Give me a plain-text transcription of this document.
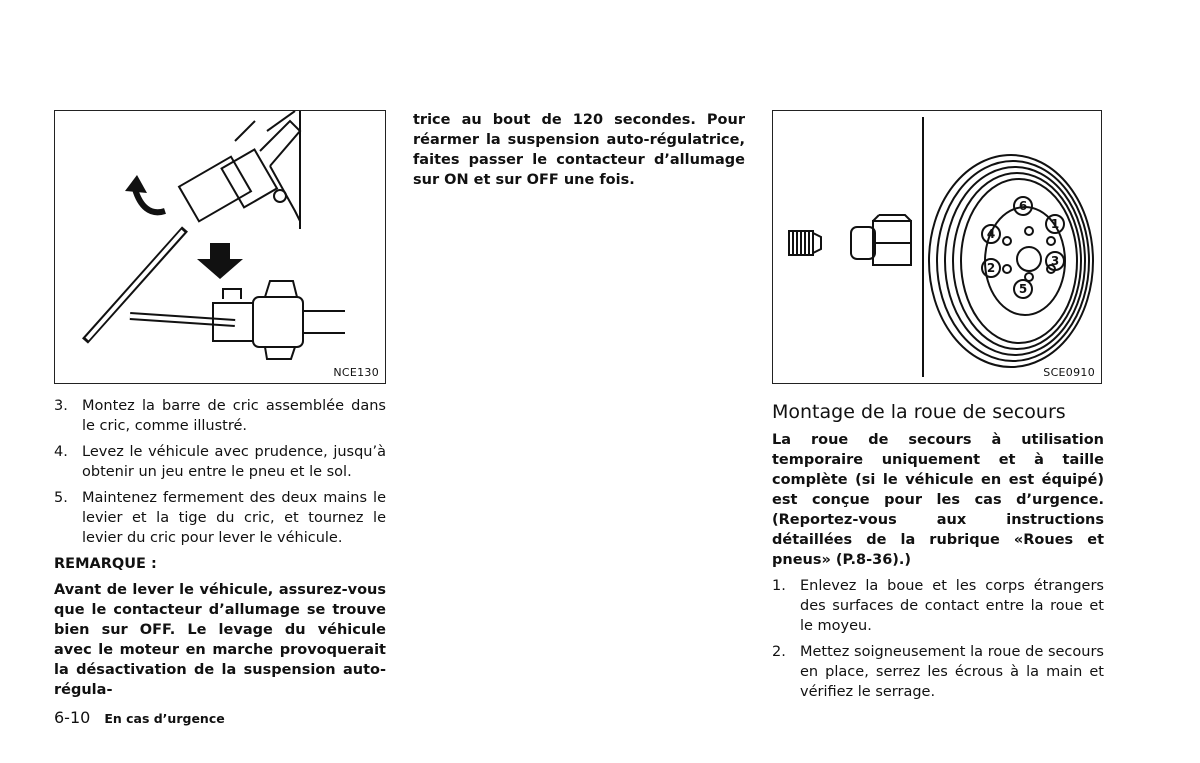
NCE130
1
2	3
4
5
6
SCE0910
3. Montez la barre de cric assemblée dans le cric, comme illustré.
4. Levez le véhicule avec prudence, jusqu’à obtenir un jeu entre le pneu et le sol.
5. Maintenez fermement des deux mains le levier et la tige du cric, et tournez le levier du cric pour lever le véhicule.

REMARQUE :

Avant de lever le véhicule, assurez-vous que le contacteur d’allumage se trouve bien sur OFF. Le levage du véhicule avec le moteur en marche provoquerait la désactivation de la suspension auto-régula-

trice au bout de 120 secondes. Pour réarmer la suspension auto-régulatrice, faites passer le contacteur d’allumage sur ON et sur OFF une fois.

Montage de la roue de secours

La roue de secours à utilisation temporaire uniquement et à taille complète (si le véhicule en est équipé) est conçue pour les cas d’urgence. (Reportez-vous aux instructions détaillées de la rubrique «Roues et pneus» (P.8-36).)

1. Enlevez la boue et les corps étrangers des surfaces de contact entre la roue et le moyeu.
2. Mettez soigneusement la roue de secours en place, serrez les écrous à la main et vérifiez le serrage.
6-10 En cas d’urgence
